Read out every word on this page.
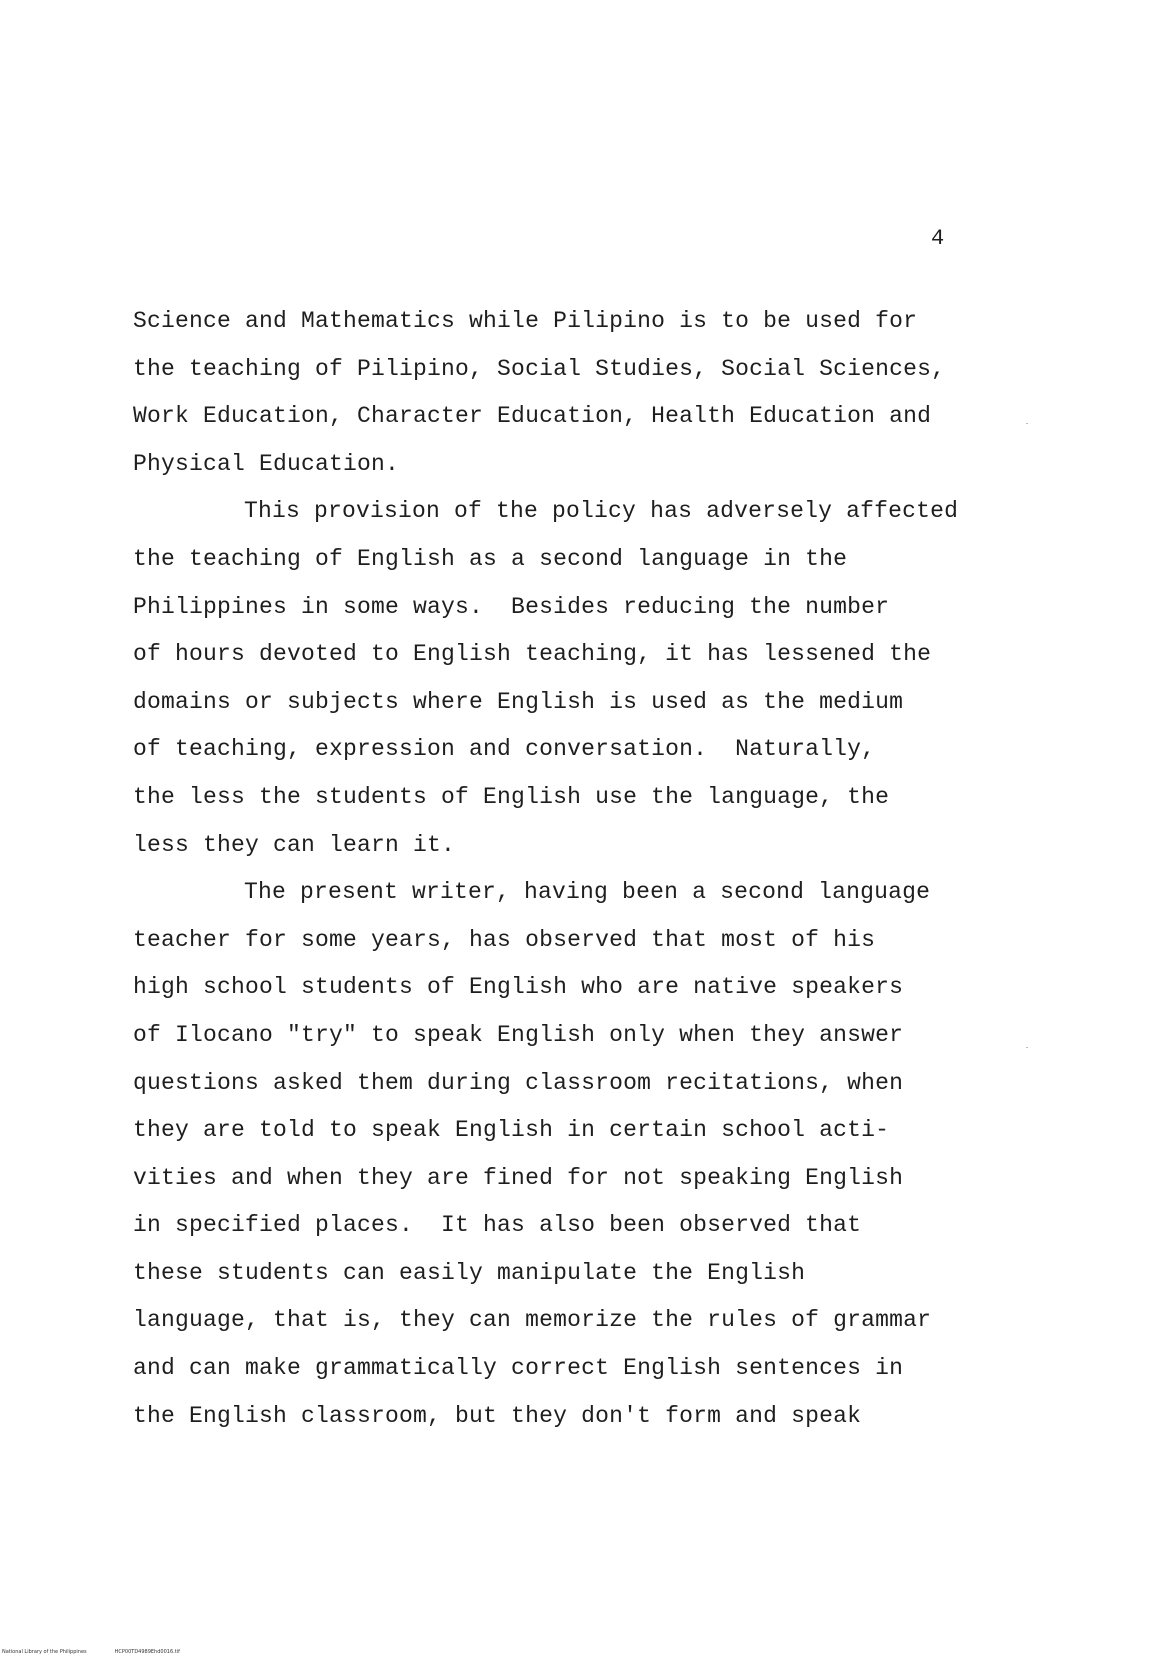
4
Science and Mathematics while Pilipino is to be used for
the teaching of Pilipino, Social Studies, Social Sciences,
Work Education, Character Education, Health Education and
Physical Education.
This provision of the policy has adversely affected
the teaching of English as a second language in the
Philippines in some ways.  Besides reducing the number
of hours devoted to English teaching, it has lessened the
domains or subjects where English is used as the medium
of teaching, expression and conversation.  Naturally,
the less the students of English use the language, the
less they can learn it.
The present writer, having been a second language
teacher for some years, has observed that most of his
high school students of English who are native speakers
of Ilocano "try" to speak English only when they answer
questions asked them during classroom recitations, when
they are told to speak English in certain school acti-
vities and when they are fined for not speaking English
in specified places.  It has also been observed that
these students can easily manipulate the English
language, that is, they can memorize the rules of grammar
and can make grammatically correct English sentences in
the English classroom, but they don't form and speak
National Library of the Philippines	HCP00TD4989Ehd0016.tif
